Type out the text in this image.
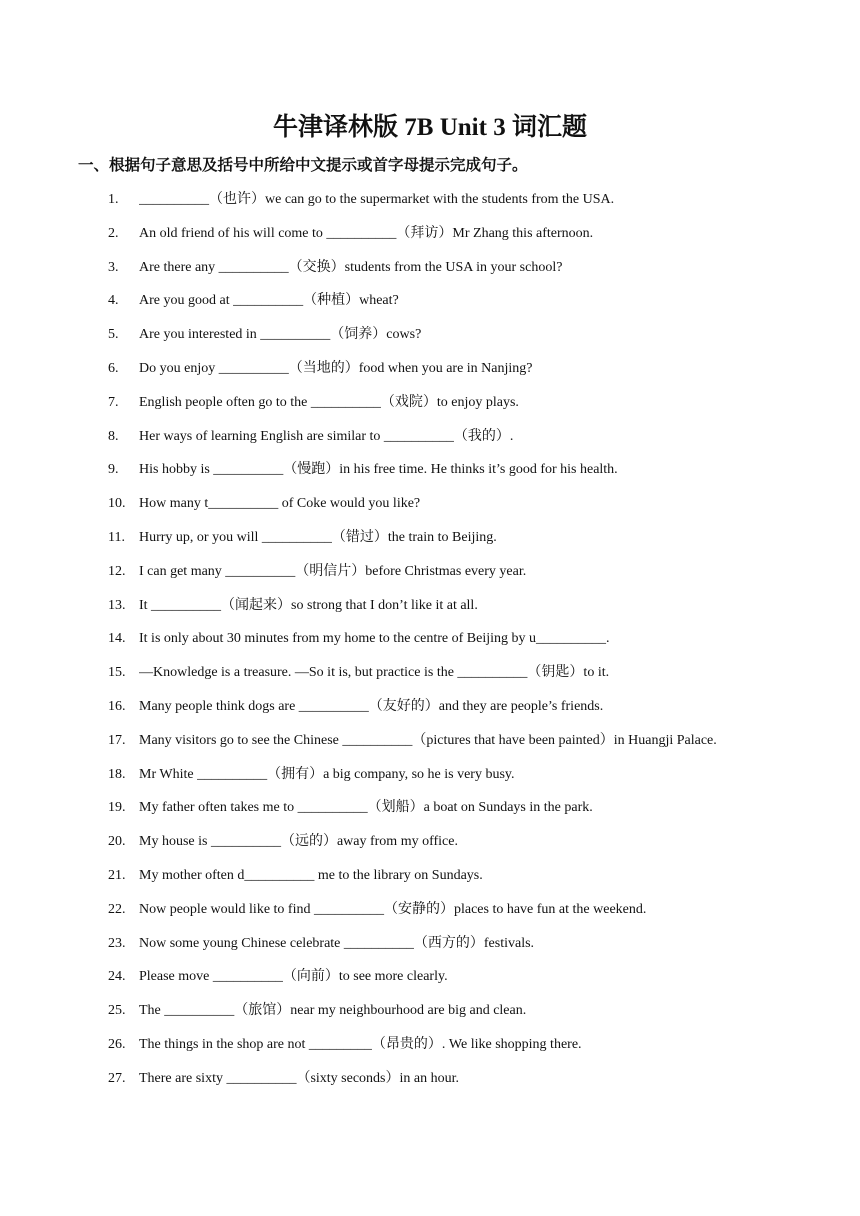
牛津译林版 7B Unit 3 词汇题
一、根据句子意思及括号中所给中文提示或首字母提示完成句子。
1.	__________（也许）we can go to the supermarket with the students from the USA.
2.	An old friend of his will come to __________（拜访）Mr Zhang this afternoon.
3.	Are there any __________（交换）students from the USA in your school?
4.	Are you good at __________（种植）wheat?
5.	Are you interested in __________（饲养）cows?
6.	Do you enjoy __________（当地的）food when you are in Nanjing?
7.	English people often go to the __________（戏院）to enjoy plays.
8.	Her ways of learning English are similar to __________（我的）.
9.	His hobby is __________（慢跑）in his free time. He thinks it’s good for his health.
10. How many t__________ of Coke would you like?
11.	Hurry up, or you will __________（错过）the train to Beijing.
12. I can get many __________（明信片）before Christmas every year.
13. It __________（闻起来）so strong that I don’t like it at all.
14. It is only about 30 minutes from my home to the centre of Beijing by u__________.
15. —Knowledge is a treasure. —So it is, but practice is the __________（钥匙）to it.
16. Many people think dogs are __________（友好的）and they are people’s friends.
17. Many visitors go to see the Chinese __________（pictures that have been painted）in Huangji Palace.
18. Mr White __________（拥有）a big company, so he is very busy.
19. My father often takes me to __________（划船）a boat on Sundays in the park.
20. My house is __________（远的）away from my office.
21. My mother often d__________ me to the library on Sundays.
22. Now people would like to find __________（安静的）places to have fun at the weekend.
23. Now some young Chinese celebrate __________（西方的）festivals.
24. Please move __________（向前）to see more clearly.
25. The __________（旅馆）near my neighbourhood are big and clean.
26. The things in the shop are not _________（昂贵的）. We like shopping there.
27. There are sixty __________（sixty seconds）in an hour.
